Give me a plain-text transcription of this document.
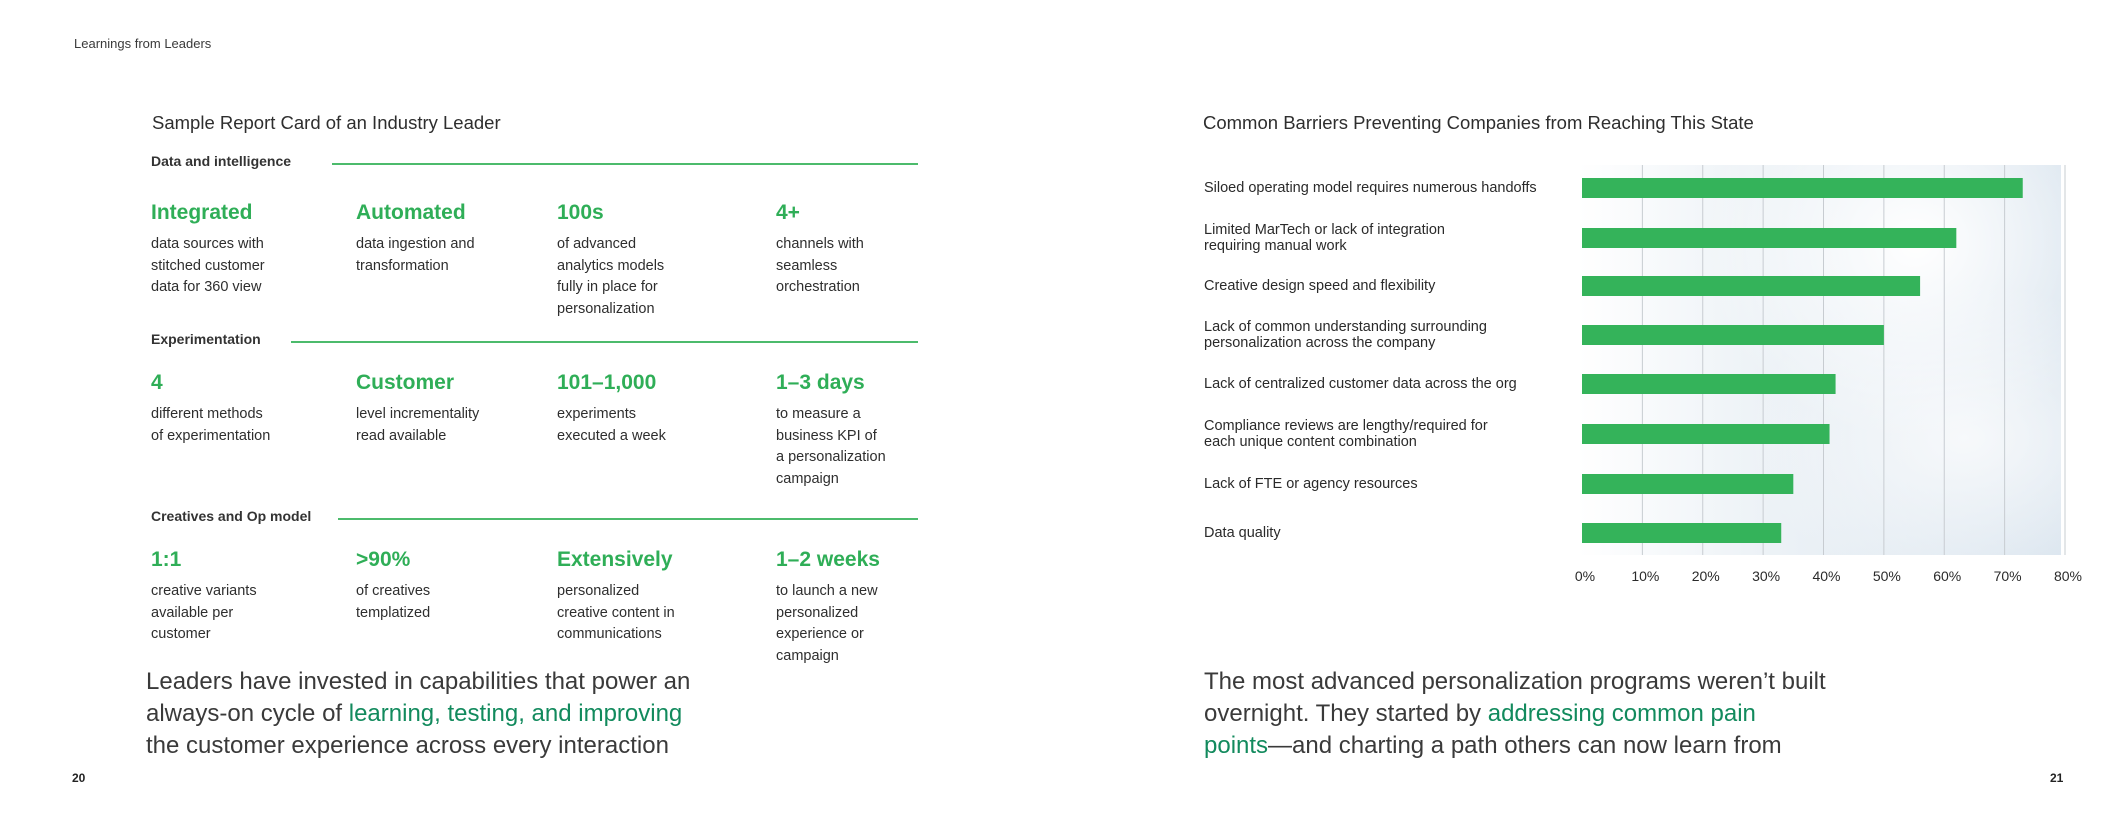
Learnings from Leaders
Sample Report Card of an Industry Leader
Data and intelligence
Integrated
data sources with
stitched customer
data for 360 view
Automated
data ingestion and
transformation
100s
of advanced
analytics models
fully in place for
personalization
4+
channels with
seamless
orchestration
Experimentation
4
different methods
of experimentation
Customer
level incrementality
read available
101–1,000
experiments
executed a week
1–3 days
to measure a
business KPI of
a personalization
campaign
Creatives and Op model
1:1
creative variants
available per
customer
>90%
of creatives
templatized
Extensively
personalized
creative content in
communications
1–2 weeks
to launch a new
personalized
experience or
campaign
Leaders have invested in capabilities that power an
always-on cycle of learning, testing, and improving
the customer experience across every interaction
20
Common Barriers Preventing Companies from Reaching This State
Siloed operating model requires numerous handoffs
Limited MarTech or lack of integration
requiring manual work
Creative design speed and flexibility
Lack of common understanding surrounding
personalization across the company
Lack of centralized customer data across the org
Compliance reviews are lengthy/required for
each unique content combination
Lack of FTE or agency resources
Data quality
0%	10% 20% 30% 40% 50% 60% 70% 80%
The most advanced personalization programs weren’t built
overnight. They started by addressing common pain
points—and charting a path others can now learn from
21
